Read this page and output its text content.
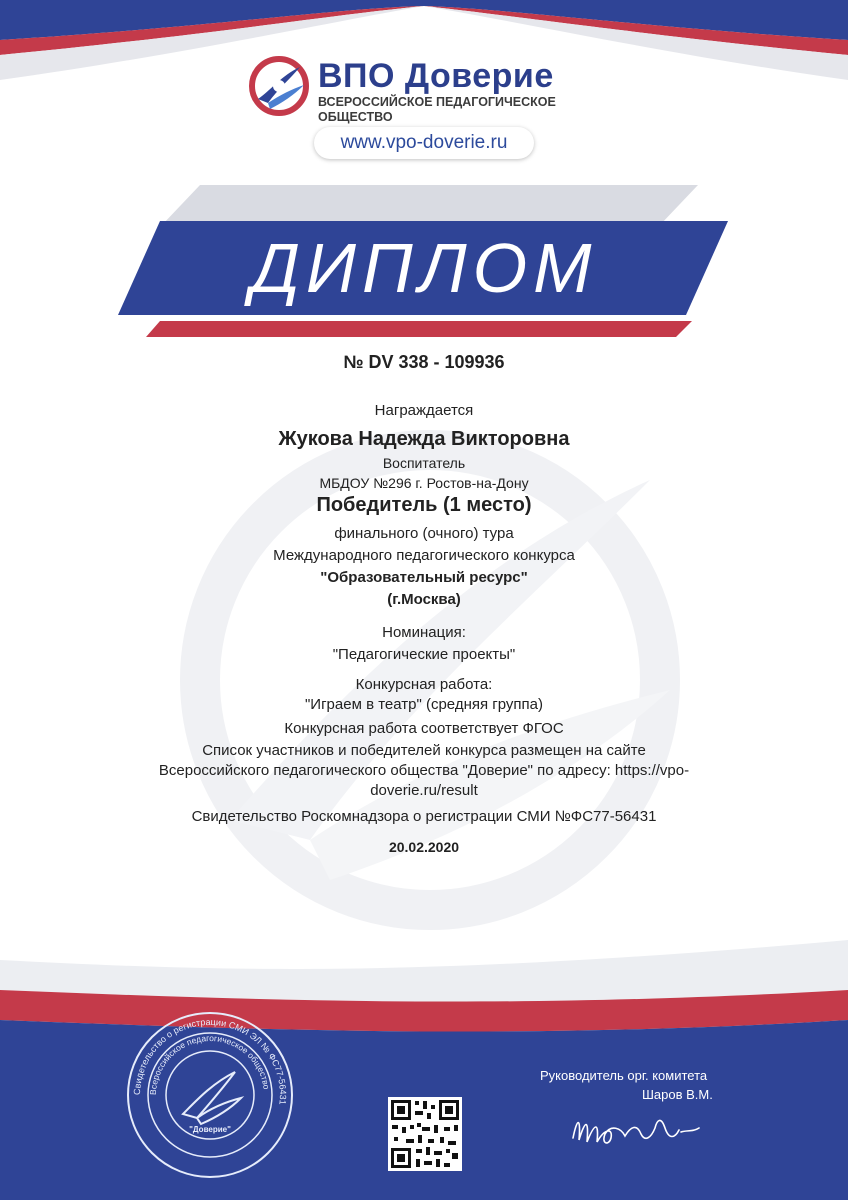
ВПО Доверие
ВСЕРОССИЙСКОЕ ПЕДАГОГИЧЕСКОЕ
ОБЩЕСТВО
www.vpo-doverie.ru
ДИПЛОМ
№ DV 338 - 109936
Награждается
Жукова Надежда Викторовна
Воспитатель
МБДОУ №296 г. Ростов-на-Дону
Победитель (1 место)
финального (очного) тура
Международного педагогического конкурса
"Образовательный ресурс"
(г.Москва)
Номинация:
"Педагогические проекты"
Конкурсная работа:
"Играем в театр" (средняя группа)
Конкурсная работа соответствует ФГОС
Список участников и победителей конкурса размещен на сайте
Всероссийского педагогического общества "Доверие" по адресу: https://vpo-
doverie.ru/result
Свидетельство Роскомнадзора о регистрации СМИ №ФС77-56431
20.02.2020
Свидетельство о регистрации СМИ ЭЛ № ФС77-56431
Всероссийское педагогическое общество
"Доверие"
Руководитель орг. комитета
Шаров В.М.
